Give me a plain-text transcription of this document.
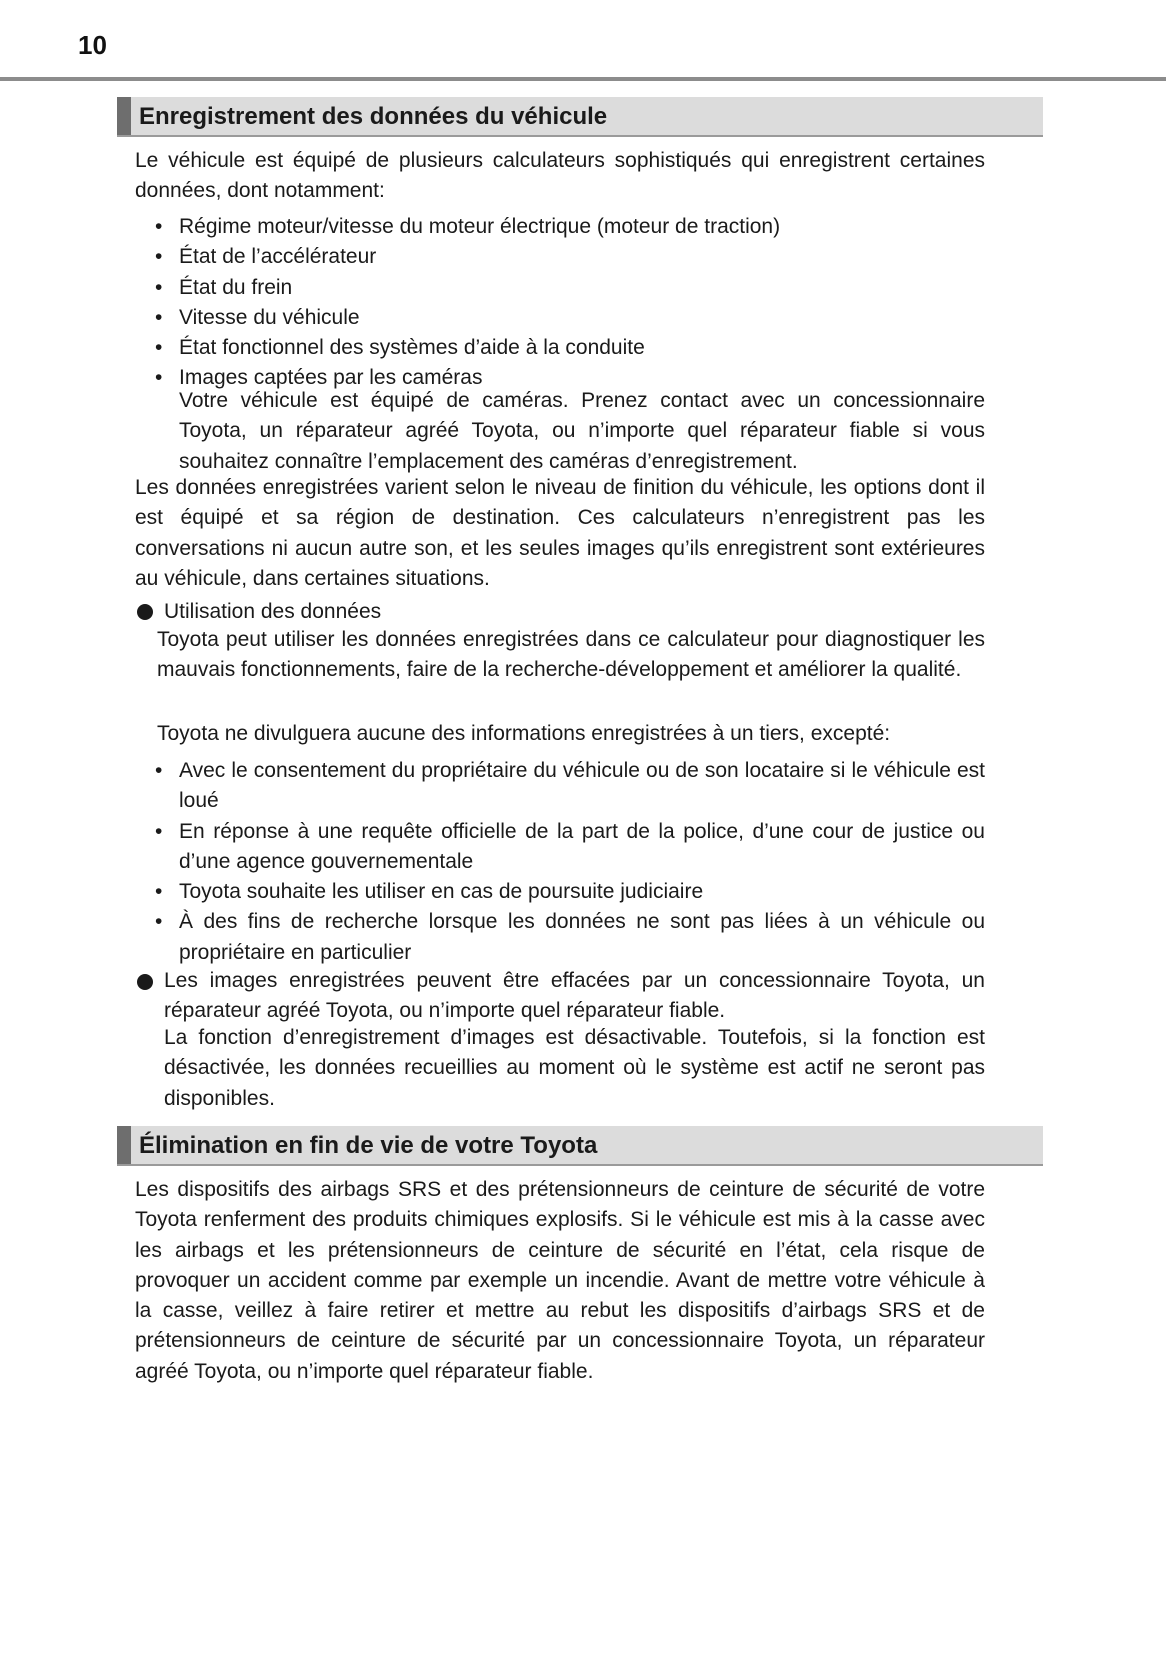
10
Enregistrement des données du véhicule
Le véhicule est équipé de plusieurs calculateurs sophistiqués qui enregistrent certaines données, dont notamment:
• Régime moteur/vitesse du moteur électrique (moteur de traction)
• État de l’accélérateur
• État du frein
• Vitesse du véhicule
• État fonctionnel des systèmes d’aide à la conduite
• Images captées par les caméras
Votre véhicule est équipé de caméras. Prenez contact avec un concessionnaire Toyota, un réparateur agréé Toyota, ou n’importe quel réparateur fiable si vous souhaitez connaître l’emplacement des caméras d’enregistrement.
Les données enregistrées varient selon le niveau de finition du véhicule, les options dont il est équipé et sa région de destination. Ces calculateurs n’enregistrent pas les conversations ni aucun autre son, et les seules images qu’ils enregistrent sont extérieures au véhicule, dans certaines situations.
Utilisation des données
Toyota peut utiliser les données enregistrées dans ce calculateur pour diagnostiquer les mauvais fonctionnements, faire de la recherche-développement et améliorer la qualité.
Toyota ne divulguera aucune des informations enregistrées à un tiers, excepté:
• Avec le consentement du propriétaire du véhicule ou de son locataire si le véhicule est loué
• En réponse à une requête officielle de la part de la police, d’une cour de justice ou d’une agence gouvernementale
• Toyota souhaite les utiliser en cas de poursuite judiciaire
• À des fins de recherche lorsque les données ne sont pas liées à un véhicule ou propriétaire en particulier
Les images enregistrées peuvent être effacées par un concessionnaire Toyota, un réparateur agréé Toyota, ou n’importe quel réparateur fiable.
La fonction d’enregistrement d’images est désactivable. Toutefois, si la fonction est désactivée, les données recueillies au moment où le système est actif ne seront pas disponibles.
Élimination en fin de vie de votre Toyota
Les dispositifs des airbags SRS et des prétensionneurs de ceinture de sécurité de votre Toyota renferment des produits chimiques explosifs. Si le véhicule est mis à la casse avec les airbags et les prétensionneurs de ceinture de sécurité en l’état, cela risque de provoquer un accident comme par exemple un incendie. Avant de mettre votre véhicule à la casse, veillez à faire retirer et mettre au rebut les dispositifs d’airbags SRS et de prétensionneurs de ceinture de sécurité par un concessionnaire Toyota, un réparateur agréé Toyota, ou n’importe quel réparateur fiable.
